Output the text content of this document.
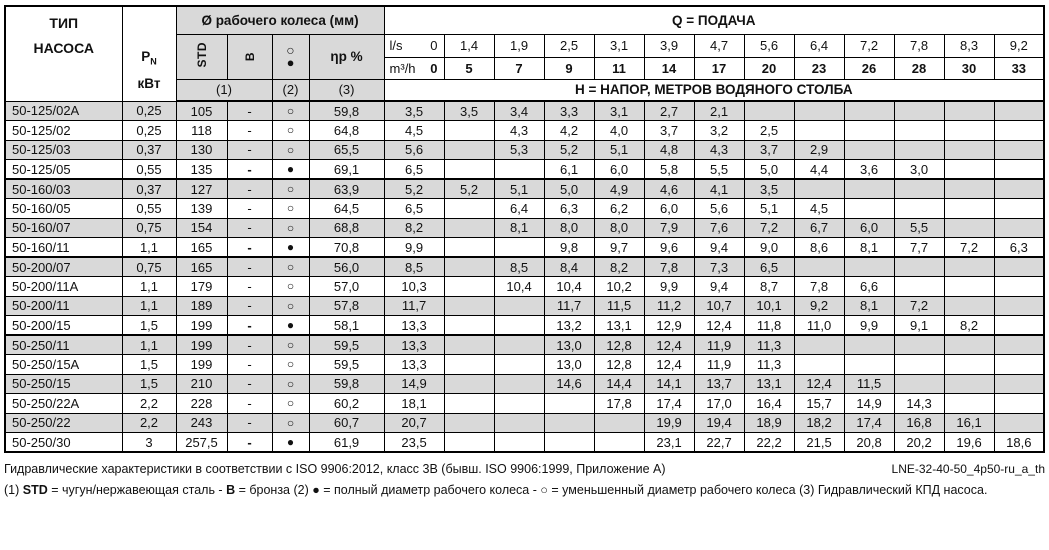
ТИП
НАСОСА

$P_N$
кВт
	Ø рабочего колеса (мм)	Q = ПОДАЧА
STD	B	○
●	ηp %	l/s 0	1,4	1,9	2,5	3,1	3,9	4,7	5,6	6,4	7,2	7,8	8,3	9,2
						m³/h 0	5	7	9	11	14	17	20	23	26	28	30	33
		(1)		(2)	(3)	Н = НАПОР, МЕТРОВ ВОДЯНОГО СТОЛБА												
50-125/02A	0,25	105	-	○	59,8	3,5	3,5	3,4	3,3	3,1	2,7	2,1						
50-125/02	0,25	118	-	○	64,8	4,5		4,3	4,2	4,0	3,7	3,2	2,5					
50-125/03	0,37	130	-	○	65,5	5,6		5,3	5,2	5,1	4,8	4,3	3,7	2,9				
50-125/05	0,55	135	-	●	69,1	6,5			6,1	6,0	5,8	5,5	5,0	4,4	3,6	3,0		
50-160/03	0,37	127	-	○	63,9	5,2	5,2	5,1	5,0	4,9	4,6	4,1	3,5					
50-160/05	0,55	139	-	○	64,5	6,5		6,4	6,3	6,2	6,0	5,6	5,1	4,5				
50-160/07	0,75	154	-	○	68,8	8,2		8,1	8,0	8,0	7,9	7,6	7,2	6,7	6,0	5,5		
50-160/11	1,1	165	-	●	70,8	9,9			9,8	9,7	9,6	9,4	9,0	8,6	8,1	7,7	7,2	6,3
50-200/07	0,75	165	-	○	56,0	8,5		8,5	8,4	8,2	7,8	7,3	6,5					
50-200/11A	1,1	179	-	○	57,0	10,3		10,4	10,4	10,2	9,9	9,4	8,7	7,8	6,6			
50-200/11	1,1	189	-	○	57,8	11,7			11,7	11,5	11,2	10,7	10,1	9,2	8,1	7,2		
50-200/15	1,5	199	-	●	58,1	13,3			13,2	13,1	12,9	12,4	11,8	11,0	9,9	9,1	8,2	
50-250/11	1,1	199	-	○	59,5	13,3			13,0	12,8	12,4	11,9	11,3					
50-250/15A	1,5	199	-	○	59,5	13,3			13,0	12,8	12,4	11,9	11,3					
50-250/15	1,5	210	-	○	59,8	14,9			14,6	14,4	14,1	13,7	13,1	12,4	11,5			
50-250/22A	2,2	228	-	○	60,2	18,1				17,8	17,4	17,0	16,4	15,7	14,9	14,3		
50-250/22	2,2	243	-	○	60,7	20,7					19,9	19,4	18,9	18,2	17,4	16,8	16,1	
50-250/30	3	257,5	-	●	61,9	23,5					23,1	22,7	22,2	21,5	20,8	20,2	19,6	18,6
Гидравлические характеристики в соответствии с ISO 9906:2012, класс 3В (бывш. ISO 9906:1999, Приложение А)	LNE-32-40-50_4p50-ru_a_th
(1) STD = чугун/нержавеющая сталь - B = бронза (2) ● = полный диаметр рабочего колеса - ○ = уменьшенный диаметр рабочего колеса (3) Гидравлический КПД насоса.
